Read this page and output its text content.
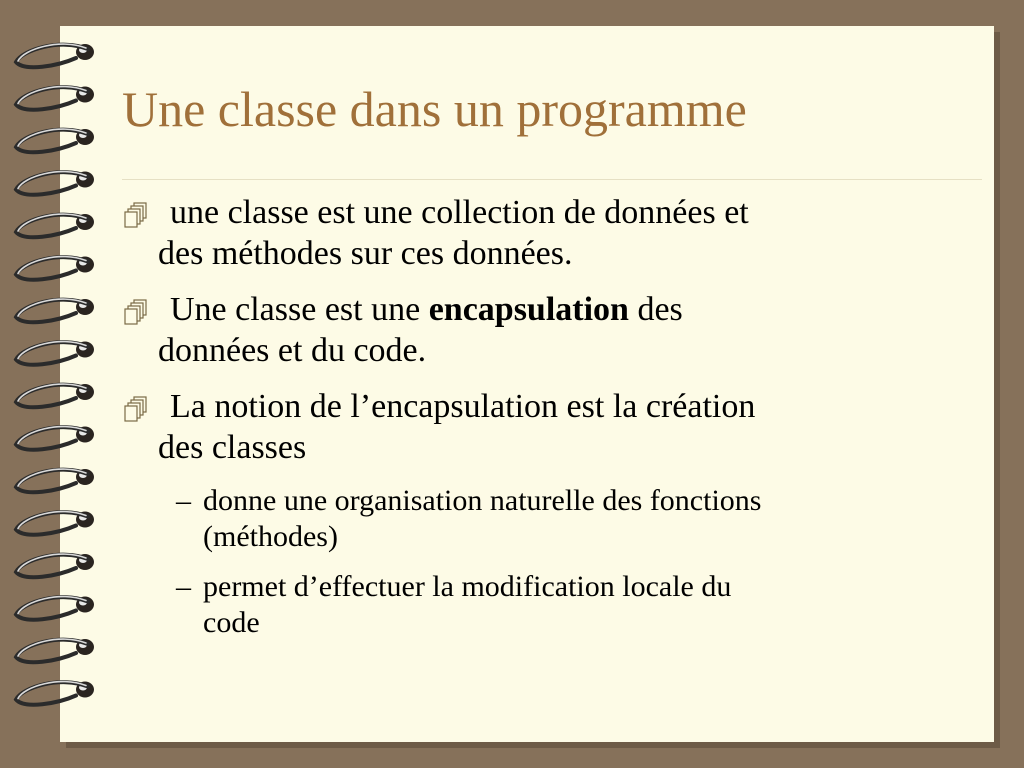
Une classe dans un programme
une classe est une collection de données et
des méthodes sur ces données.
Une classe est une encapsulation des
données et du code.
La notion de l’encapsulation est la création
des classes
– donne une organisation naturelle des fonctions
(méthodes)
– permet d’effectuer la modification locale du
code
